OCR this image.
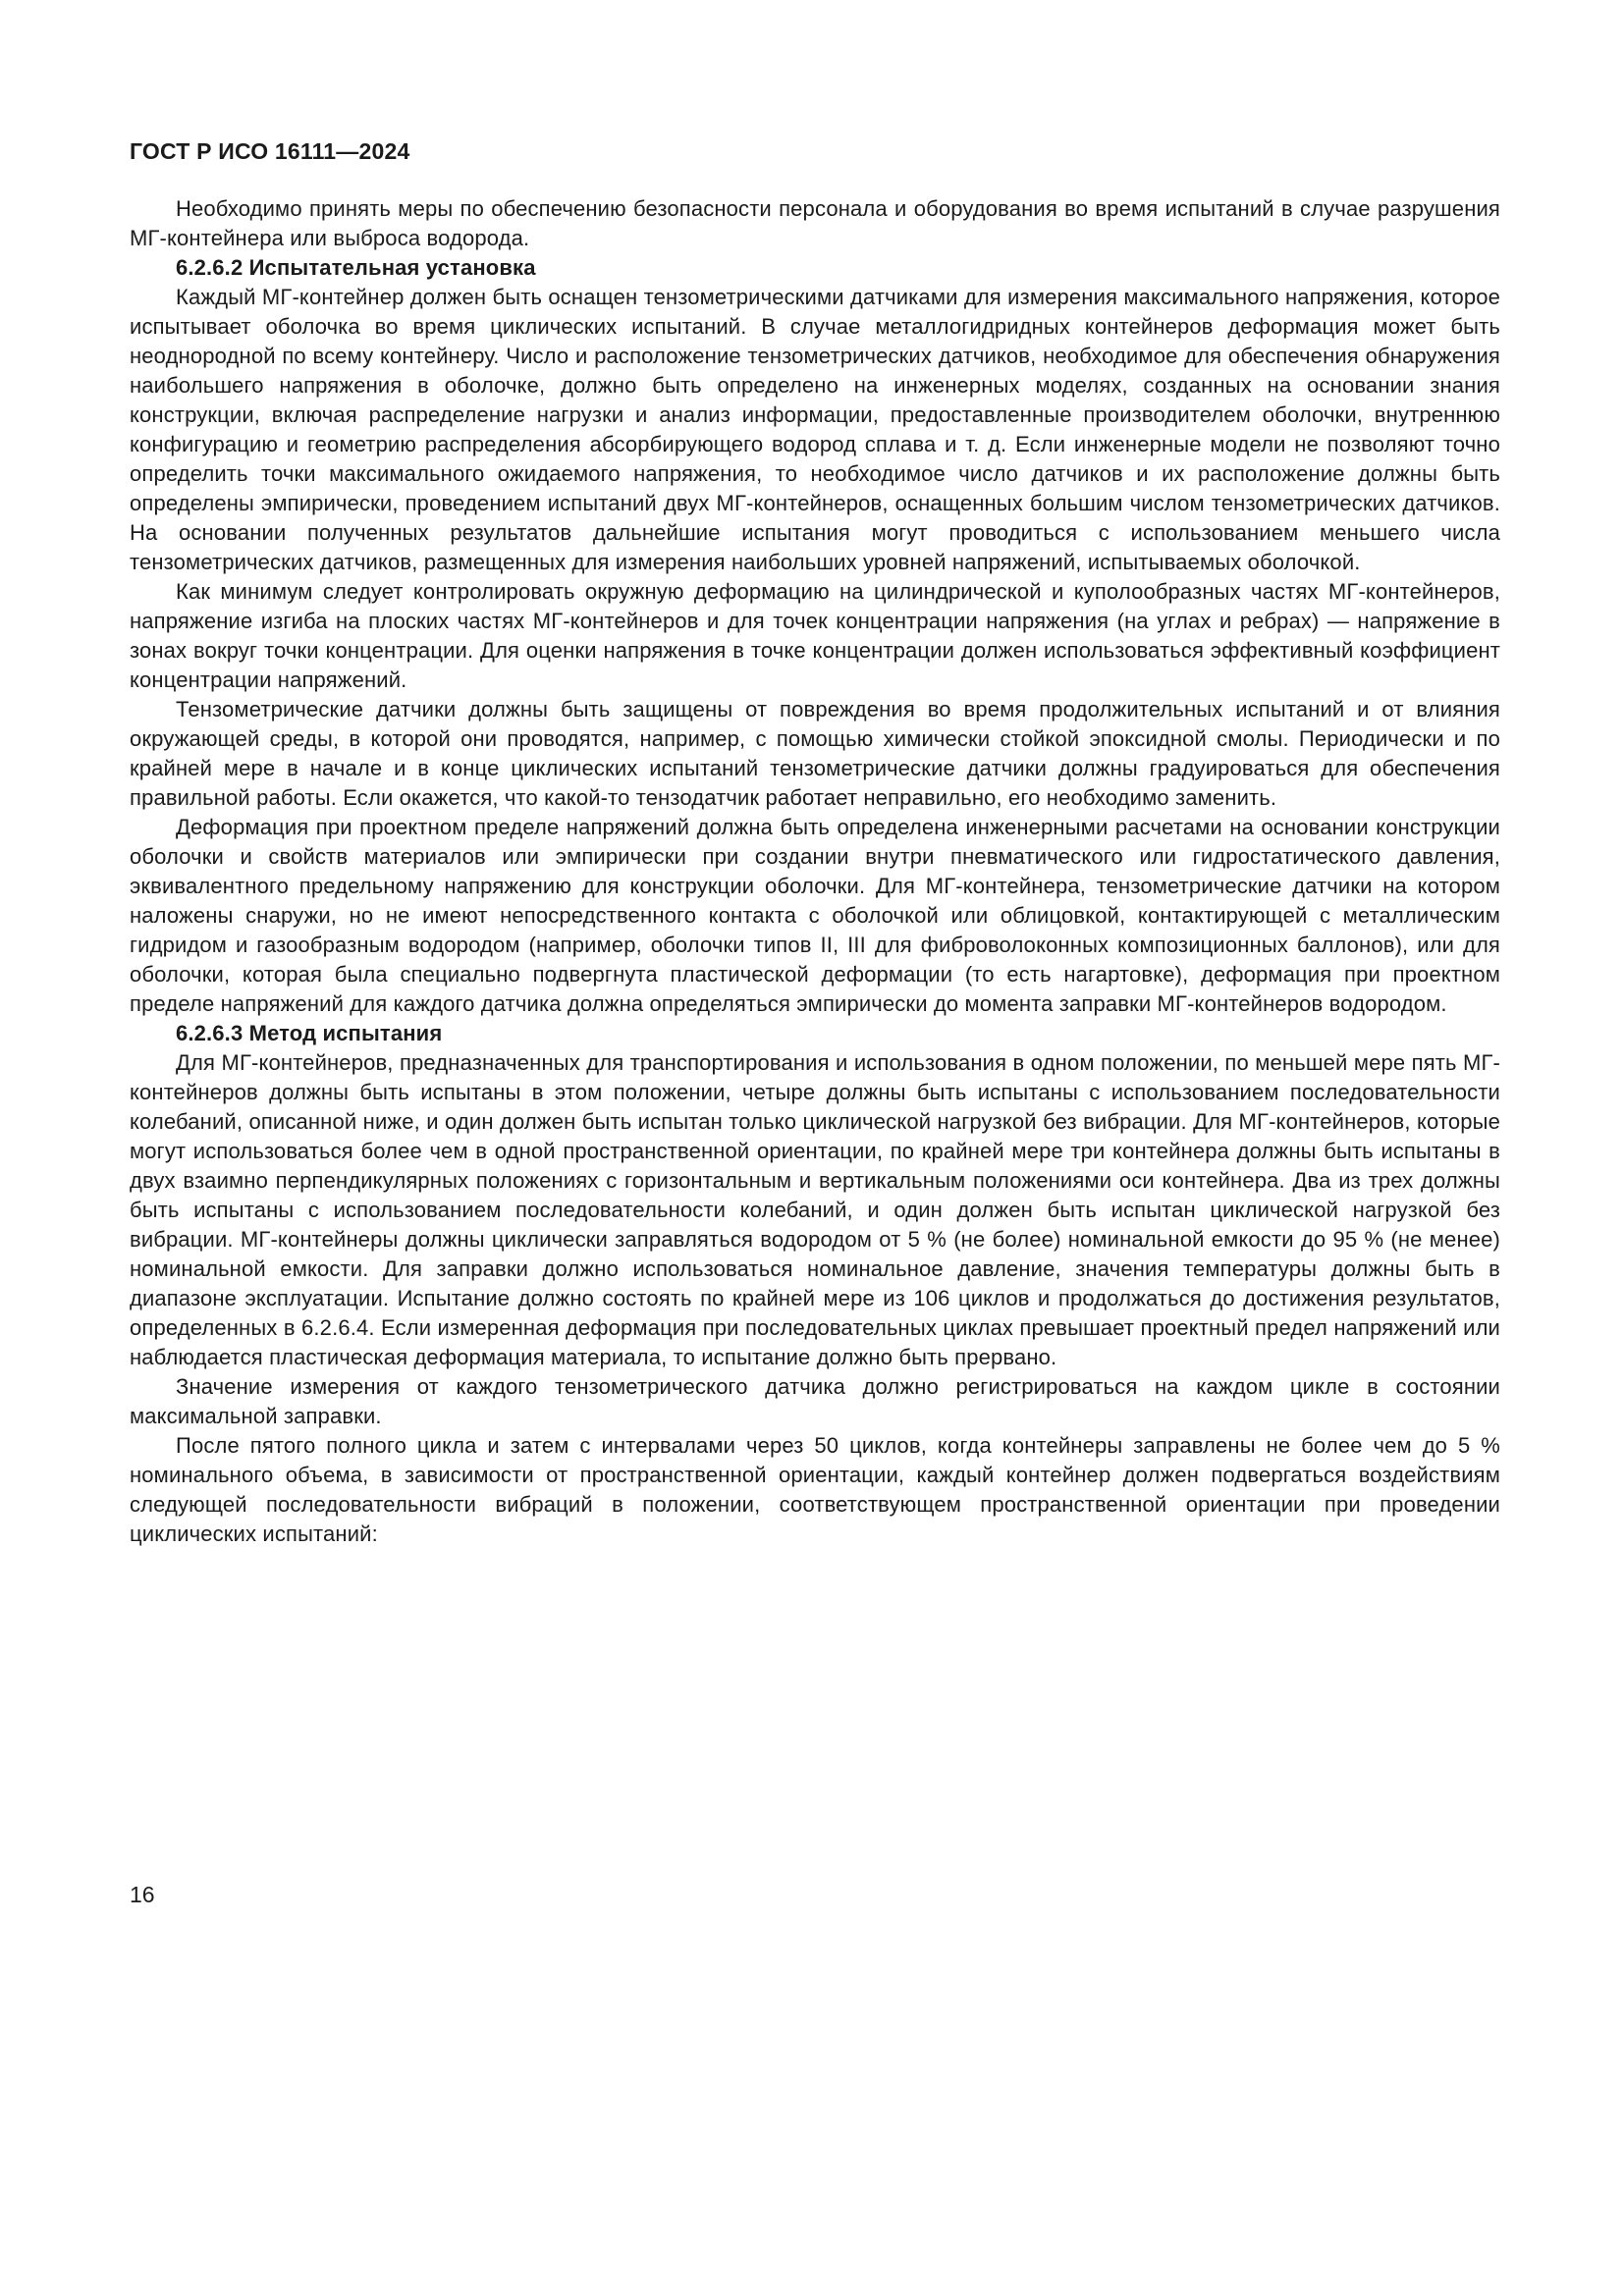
ГОСТ Р ИСО 16111—2024

Необходимо принять меры по обеспечению безопасности персонала и оборудования во время испытаний в случае разрушения МГ-контейнера или выброса водорода.

6.2.6.2 Испытательная установка

Каждый МГ-контейнер должен быть оснащен тензометрическими датчиками для измерения максимального напряжения, которое испытывает оболочка во время циклических испытаний. В случае металлогидридных контейнеров деформация может быть неоднородной по всему контейнеру. Число и расположение тензометрических датчиков, необходимое для обеспечения обнаружения наибольшего напряжения в оболочке, должно быть определено на инженерных моделях, созданных на основании знания конструкции, включая распределение нагрузки и анализ информации, предоставленные производителем оболочки, внутреннюю конфигурацию и геометрию распределения абсорбирующего водород сплава и т. д. Если инженерные модели не позволяют точно определить точки максимального ожидаемого напряжения, то необходимое число датчиков и их расположение должны быть определены эмпирически, проведением испытаний двух МГ-контейнеров, оснащенных большим числом тензометрических датчиков. На основании полученных результатов дальнейшие испытания могут проводиться с использованием меньшего числа тензометрических датчиков, размещенных для измерения наибольших уровней напряжений, испытываемых оболочкой.

Как минимум следует контролировать окружную деформацию на цилиндрической и куполообразных частях МГ-контейнеров, напряжение изгиба на плоских частях МГ-контейнеров и для точек концентрации напряжения (на углах и ребрах) — напряжение в зонах вокруг точки концентрации. Для оценки напряжения в точке концентрации должен использоваться эффективный коэффициент концентрации напряжений.

Тензометрические датчики должны быть защищены от повреждения во время продолжительных испытаний и от влияния окружающей среды, в которой они проводятся, например, с помощью химически стойкой эпоксидной смолы. Периодически и по крайней мере в начале и в конце циклических испытаний тензометрические датчики должны градуироваться для обеспечения правильной работы. Если окажется, что какой-то тензодатчик работает неправильно, его необходимо заменить.

Деформация при проектном пределе напряжений должна быть определена инженерными расчетами на основании конструкции оболочки и свойств материалов или эмпирически при создании внутри пневматического или гидростатического давления, эквивалентного предельному напряжению для конструкции оболочки. Для МГ-контейнера, тензометрические датчики на котором наложены снаружи, но не имеют непосредственного контакта с оболочкой или облицовкой, контактирующей с металлическим гидридом и газообразным водородом (например, оболочки типов II, III для фиброволоконных композиционных баллонов), или для оболочки, которая была специально подвергнута пластической деформации (то есть нагартовке), деформация при проектном пределе напряжений для каждого датчика должна определяться эмпирически до момента заправки МГ-контейнеров водородом.

6.2.6.3 Метод испытания

Для МГ-контейнеров, предназначенных для транспортирования и использования в одном положении, по меньшей мере пять МГ-контейнеров должны быть испытаны в этом положении, четыре должны быть испытаны с использованием последовательности колебаний, описанной ниже, и один должен быть испытан только циклической нагрузкой без вибрации. Для МГ-контейнеров, которые могут использоваться более чем в одной пространственной ориентации, по крайней мере три контейнера должны быть испытаны в двух взаимно перпендикулярных положениях с горизонтальным и вертикальным положениями оси контейнера. Два из трех должны быть испытаны с использованием последовательности колебаний, и один должен быть испытан циклической нагрузкой без вибрации. МГ-контейнеры должны циклически заправляться водородом от 5 % (не более) номинальной емкости до 95 % (не менее) номинальной емкости. Для заправки должно использоваться номинальное давление, значения температуры должны быть в диапазоне эксплуатации. Испытание должно состоять по крайней мере из 106 циклов и продолжаться до достижения результатов, определенных в 6.2.6.4. Если измеренная деформация при последовательных циклах превышает проектный предел напряжений или наблюдается пластическая деформация материала, то испытание должно быть прервано.

Значение измерения от каждого тензометрического датчика должно регистрироваться на каждом цикле в состоянии максимальной заправки.

После пятого полного цикла и затем с интервалами через 50 циклов, когда контейнеры заправлены не более чем до 5 % номинального объема, в зависимости от пространственной ориентации, каждый контейнер должен подвергаться воздействиям следующей последовательности вибраций в положении, соответствующем пространственной ориентации при проведении циклических испытаний:

16
